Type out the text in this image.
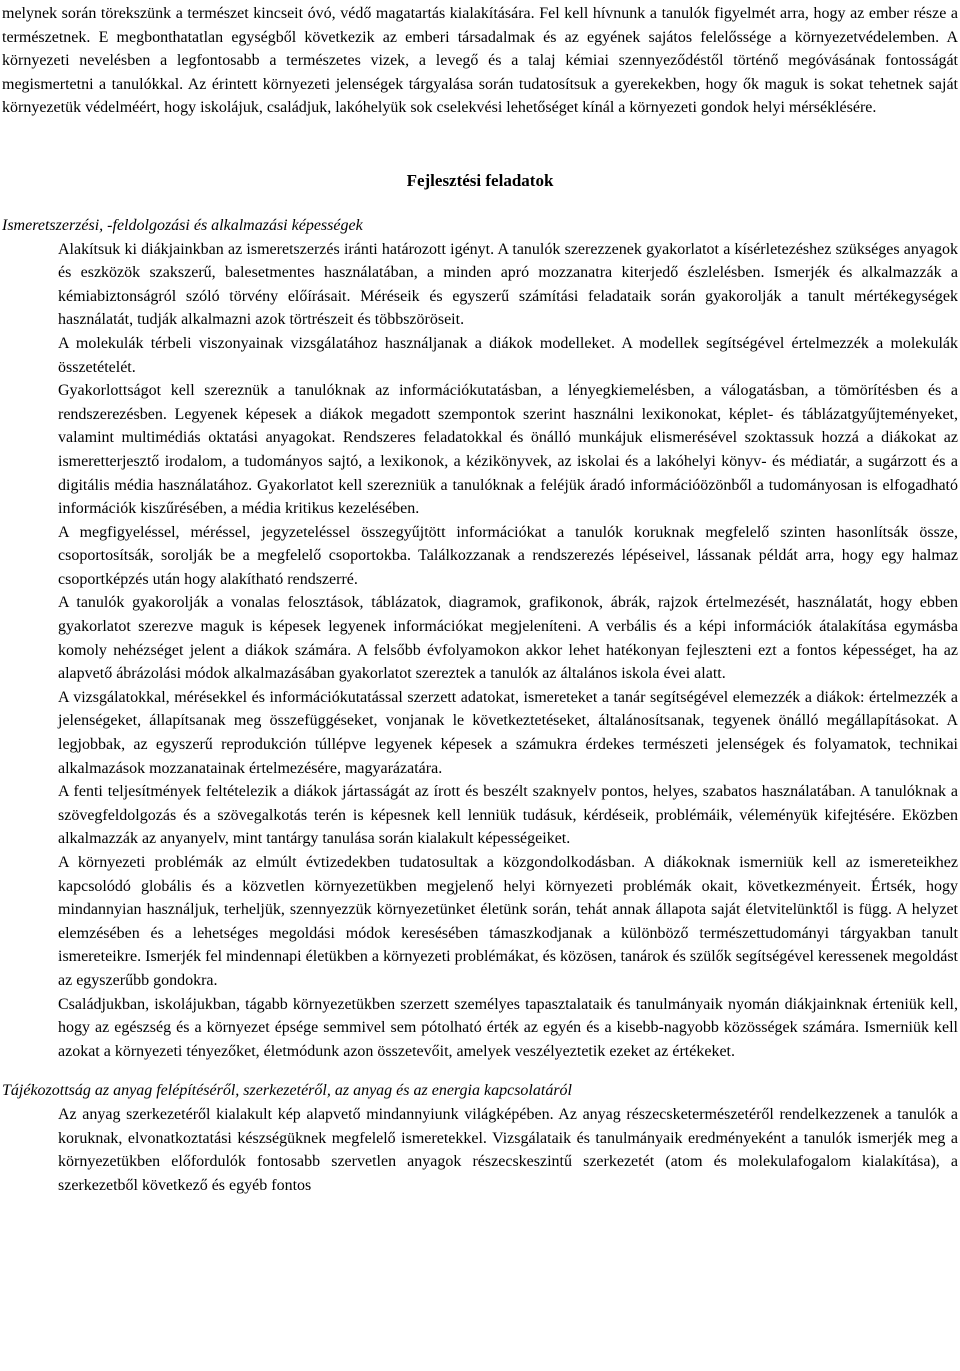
melynek során törekszünk a természet kincseit óvó, védő magatartás kialakítására. Fel kell hívnunk a tanulók figyelmét arra, hogy az ember része a természetnek. E megbonthatatlan egységből következik az emberi társadalmak és az egyének sajátos felelőssége a környezetvédelemben. A környezeti nevelésben a legfontosabb a természetes vizek, a levegő és a talaj kémiai szennyeződéstől történő megóvásának fontosságát megismertetni a tanulókkal. Az érintett környezeti jelenségek tárgyalása során tudatosítsuk a gyerekekben, hogy ők maguk is sokat tehetnek saját környezetük védelméért, hogy iskolájuk, családjuk, lakóhelyük sok cselekvési lehetőséget kínál a környezeti gondok helyi mérséklésére.

Fejlesztési feladatok

Ismeretszerzési, -feldolgozási és alkalmazási képességek

Alakítsuk ki diákjainkban az ismeretszerzés iránti határozott igényt. A tanulók szerezzenek gyakorlatot a kísérletezéshez szükséges anyagok és eszközök szakszerű, balesetmentes használatában, a minden apró mozzanatra kiterjedő észlelésben. Ismerjék és alkalmazzák a kémiabiztonságról szóló törvény előírásait. Méréseik és egyszerű számítási feladataik során gyakorolják a tanult mértékegységek használatát, tudják alkalmazni azok törtrészeit és többszöröseit.

A molekulák térbeli viszonyainak vizsgálatához használjanak a diákok modelleket. A modellek segítségével értelmezzék a molekulák összetételét.

Gyakorlottságot kell szereznük a tanulóknak az információkutatásban, a lényegkiemelésben, a válogatásban, a tömörítésben és a rendszerezésben. Legyenek képesek a diákok megadott szempontok szerint használni lexikonokat, képlet- és táblázatgyűjteményeket, valamint multimédiás oktatási anyagokat. Rendszeres feladatokkal és önálló munkájuk elismerésével szoktassuk hozzá a diákokat az ismeretterjesztő irodalom, a tudományos sajtó, a lexikonok, a kézikönyvek, az iskolai és a lakóhelyi könyv- és médiatár, a sugárzott és a digitális média használatához. Gyakorlatot kell szerezniük a tanulóknak a feléjük áradó információözönből a tudományosan is elfogadható információk kiszűrésében, a média kritikus kezelésében.

A megfigyeléssel, méréssel, jegyzeteléssel összegyűjtött információkat a tanulók koruknak megfelelő szinten hasonlítsák össze, csoportosítsák, sorolják be a megfelelő csoportokba. Találkozzanak a rendszerezés lépéseivel, lássanak példát arra, hogy egy halmaz csoportképzés után hogy alakítható rendszerré.

A tanulók gyakorolják a vonalas felosztások, táblázatok, diagramok, grafikonok, ábrák, rajzok értelmezését, használatát, hogy ebben gyakorlatot szerezve maguk is képesek legyenek információkat megjeleníteni. A verbális és a képi információk átalakítása egymásba komoly nehézséget jelent a diákok számára. A felsőbb évfolyamokon akkor lehet hatékonyan fejleszteni ezt a fontos képességet, ha az alapvető ábrázolási módok alkalmazásában gyakorlatot szereztek a tanulók az általános iskola évei alatt.

A vizsgálatokkal, mérésekkel és információkutatással szerzett adatokat, ismereteket a tanár segítségével elemezzék a diákok: értelmezzék a jelenségeket, állapítsanak meg összefüggéseket, vonjanak le következtetéseket, általánosítsanak, tegyenek önálló megállapításokat. A legjobbak, az egyszerű reprodukción túllépve legyenek képesek a számukra érdekes természeti jelenségek és folyamatok, technikai alkalmazások mozzanatainak értelmezésére, magyarázatára.

A fenti teljesítmények feltételezik a diákok jártasságát az írott és beszélt szaknyelv pontos, helyes, szabatos használatában. A tanulóknak a szövegfeldolgozás és a szövegalkotás terén is képesnek kell lenniük tudásuk, kérdéseik, problémáik, véleményük kifejtésére. Eközben alkalmazzák az anyanyelv, mint tantárgy tanulása során kialakult képességeiket.

A környezeti problémák az elmúlt évtizedekben tudatosultak a közgondolkodásban. A diákoknak ismerniük kell az ismereteikhez kapcsolódó globális és a közvetlen környezetükben megjelenő helyi környezeti problémák okait, következményeit. Értsék, hogy mindannyian használjuk, terheljük, szennyezzük környezetünket életünk során, tehát annak állapota saját életvitelünktől is függ. A helyzet elemzésében és a lehetséges megoldási módok keresésében támaszkodjanak a különböző természettudományi tárgyakban tanult ismereteikre. Ismerjék fel mindennapi életükben a környezeti problémákat, és közösen, tanárok és szülők segítségével keressenek megoldást az egyszerűbb gondokra.

Családjukban, iskolájukban, tágabb környezetükben szerzett személyes tapasztalataik és tanulmányaik nyomán diákjainknak érteniük kell, hogy az egészség és a környezet épsége semmivel sem pótolható érték az egyén és a kisebb-nagyobb közösségek számára. Ismerniük kell azokat a környezeti tényezőket, életmódunk azon összetevőit, amelyek veszélyeztetik ezeket az értékeket.

Tájékozottság az anyag felépítéséről, szerkezetéről, az anyag és az energia kapcsolatáról

Az anyag szerkezetéről kialakult kép alapvető mindannyiunk világképében. Az anyag részecsketermészetéről rendelkezzenek a tanulók a koruknak, elvonatkoztatási készségüknek megfelelő ismeretekkel. Vizsgálataik és tanulmányaik eredményeként a tanulók ismerjék meg a környezetükben előfordulók fontosabb szervetlen anyagok részecskeszintű szerkezetét (atom és molekulafogalom kialakítása), a szerkezetből következő és egyéb fontos
